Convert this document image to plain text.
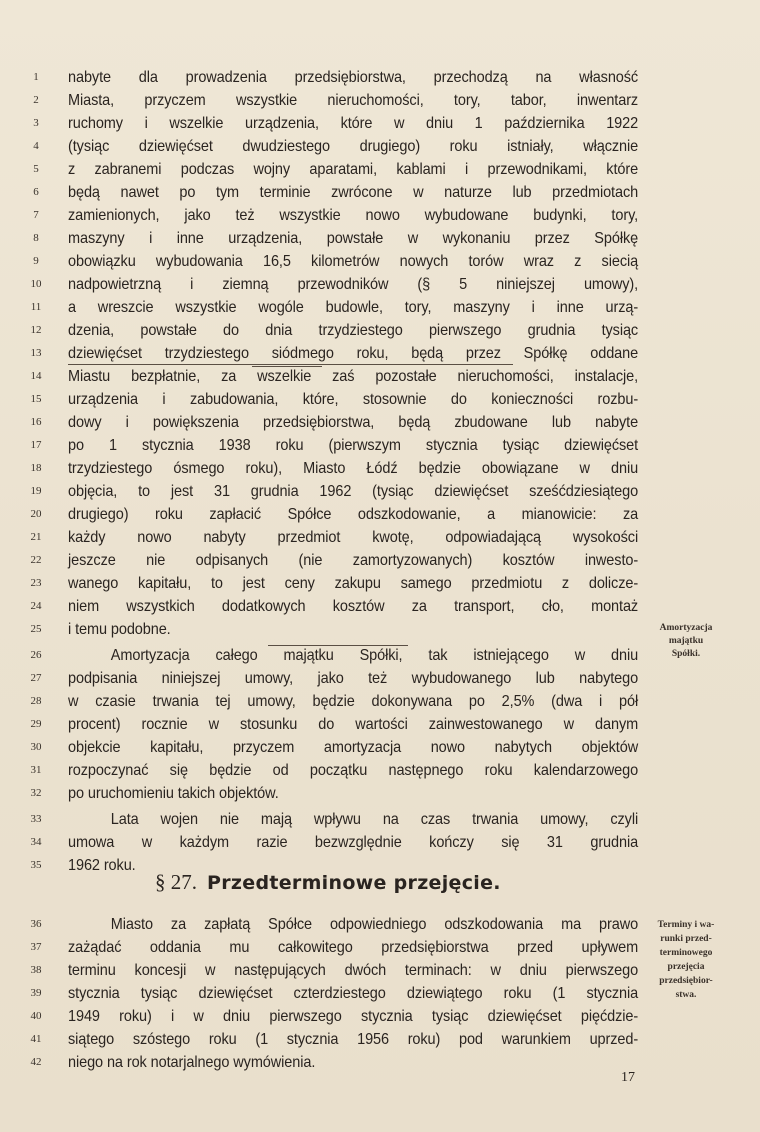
1	nabyte dla prowadzenia przedsiębiorstwa, przechodzą na własność
2	Miasta, przyczem wszystkie nieruchomości, tory, tabor, inwentarz
3	ruchomy i wszelkie urządzenia, które w dniu 1 października 1922
4	(tysiąc dziewięćset dwudziestego drugiego) roku istniały, włącznie
5	z zabranemi podczas wojny aparatami, kablami i przewodnikami, które
6	będą nawet po tym terminie zwrócone w naturze lub przedmiotach
7	zamienionych, jako też wszystkie nowo wybudowane budynki, tory,
8	maszyny i inne urządzenia, powstałe w wykonaniu przez Spółkę
9	obowiązku wybudowania 16,5 kilometrów nowych torów wraz z siecią
10 nadpowietrzną i ziemną przewodników (§ 5 niniejszej umowy),
11	a wreszcie wszystkie wogóle budowle, tory, maszyny i inne urzą-
12 dzenia, powstałe do dnia trzydziestego pierwszego grudnia tysiąc
13 dziewięćset trzydziestego siódmego roku, będą przez Spółkę oddane
14 Miastu bezpłatnie, za wszelkie zaś pozostałe nieruchomości, instalacje,
15 urządzenia i zabudowania, które, stosownie do konieczności rozbu-
16 dowy i powiększenia przedsiębiorstwa, będą zbudowane lub nabyte
17 po 1 stycznia 1938 roku (pierwszym stycznia tysiąc dziewięćset
18 trzydziestego ósmego roku), Miasto Łódź będzie obowiązane w dniu
19 objęcia, to jest 31 grudnia 1962 (tysiąc dziewięćset sześćdziesiątego
20 drugiego) roku zapłacić Spółce odszkodowanie, a mianowicie: za
21 każdy nowo nabyty przedmiot kwotę, odpowiadającą wysokości
22 jeszcze nie odpisanych (nie zamortyzowanych) kosztów inwesto-
23 wanego kapitału, to jest ceny zakupu samego przedmiotu z dolicze-
24 niem wszystkich dodatkowych kosztów za transport, cło, montaż
25 i temu podobne.
26	Amortyzacja całego majątku Spółki, tak istniejącego w dniu
27 podpisania niniejszej umowy, jako też wybudowanego lub nabytego
28 w czasie trwania tej umowy, będzie dokonywana po 2,5% (dwa i pół
29 procent) rocznie w stosunku do wartości zainwestowanego w danym
30 objekcie kapitału, przyczem amortyzacja nowo nabytych objektów
31 rozpoczynać się będzie od początku następnego roku kalendarzowego
32 po uruchomieniu takich objektów.
33	Lata wojen nie mają wpływu na czas trwania umowy, czyli
34 umowa w każdym razie bezwzględnie kończy się 31 grudnia
35 1962 roku.
§ 27. Przedterminowe przejęcie.
36	Miasto za zapłatą Spółce odpowiedniego odszkodowania ma prawo
37 zażądać oddania mu całkowitego przedsiębiorstwa przed upływem
38 terminu koncesji w następujących dwóch terminach: w dniu pierwszego
39 stycznia tysiąc dziewięćset czterdziestego dziewiątego roku (1 stycznia
40 1949 roku) i w dniu pierwszego stycznia tysiąc dziewięćset pięćdzie-
41 siątego szóstego roku (1 stycznia 1956 roku) pod warunkiem uprzed-
42 niego na rok notarjalnego wymówienia.
Amortyzacja
majątku
Spółki.
Terminy i wa-
runki przed-
terminowego
przejęcia
przedsiębior-
stwa.
17
